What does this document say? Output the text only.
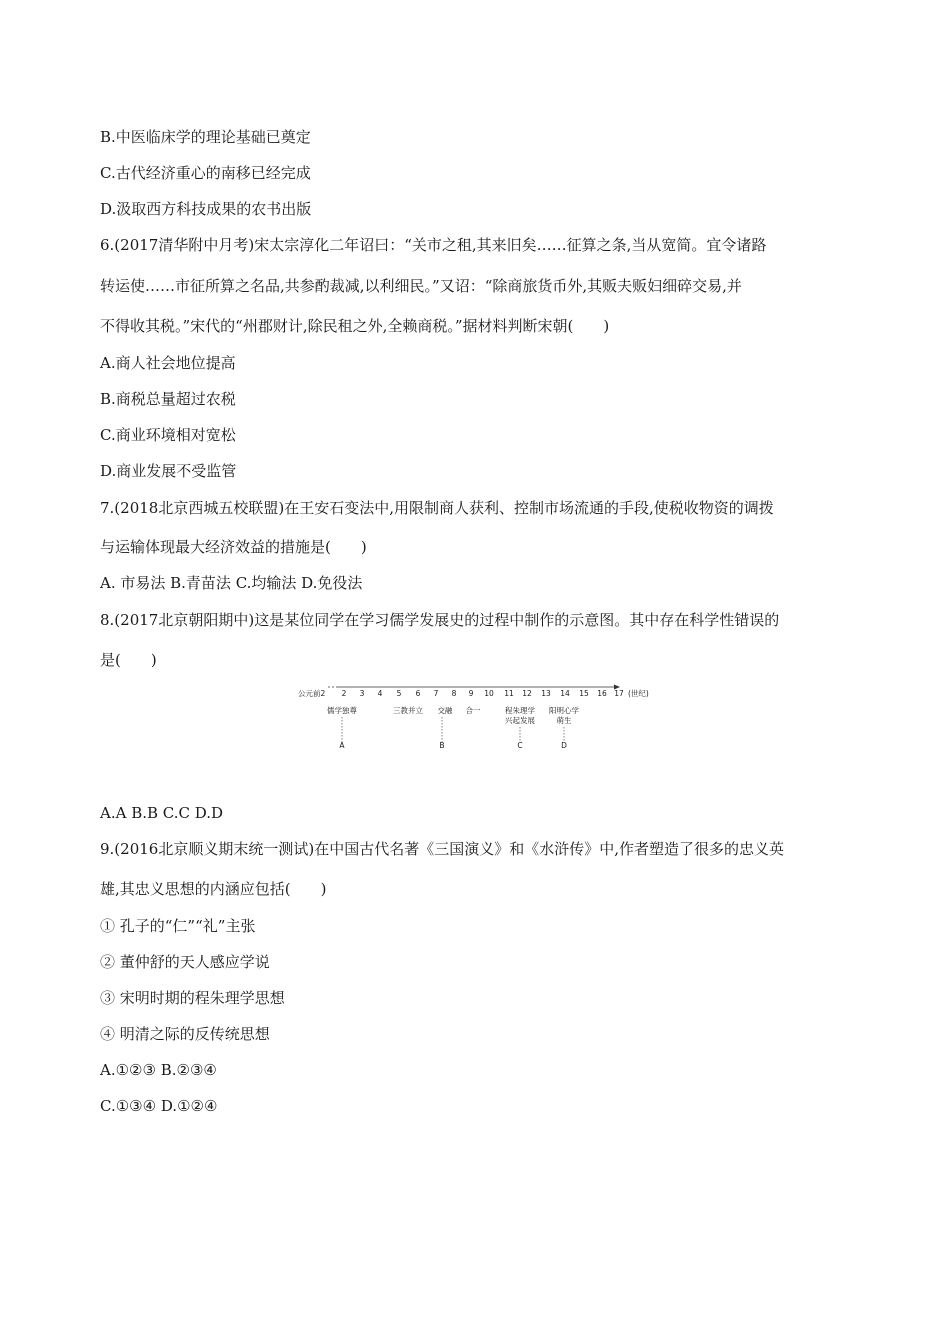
B.中医临床学的理论基础已奠定
C.古代经济重心的南移已经完成
D.汲取西方科技成果的农书出版
6.(2017清华附中月考)宋太宗淳化二年诏曰：“关市之租,其来旧矣……征算之条,当从宽简。宜令诸路
转运使……市征所算之名品,共参酌裁减,以利细民。”又诏：“除商旅货币外,其贩夫贩妇细碎交易,并
不得收其税。”宋代的“州郡财计,除民租之外,全赖商税。”据材料判断宋朝(　　)
A.商人社会地位提高
B.商税总量超过农税
C.商业环境相对宽松
D.商业发展不受监管
7.(2018北京西城五校联盟)在王安石变法中,用限制商人获利、控制市场流通的手段,使税收物资的调拨
与运输体现最大经济效益的措施是(　　)
A. 市易法 B.青苗法 C.均输法 D.免役法
8.(2017北京朝阳期中)这是某位同学在学习儒学发展史的过程中制作的示意图。其中存在科学性错误的
是(　　)
公元前2 2 3 4 5 6 7 8 9 10 11 12 13 14 15 16 17 (世纪)
儒学独尊
A
三教并立 交融
B
合一	程朱理学
兴起发展
C
阳明心学
萌生
D
A.A B.B C.C D.D
9.(2016北京顺义期末统一测试)在中国古代名著《三国演义》和《水浒传》中,作者塑造了很多的忠义英
雄,其忠义思想的内涵应包括(　　)
① 孔子的“仁”“礼”主张
② 董仲舒的天人感应学说
③ 宋明时期的程朱理学思想
④ 明清之际的反传统思想
A.①②③ B.②③④
C.①③④ D.①②④
